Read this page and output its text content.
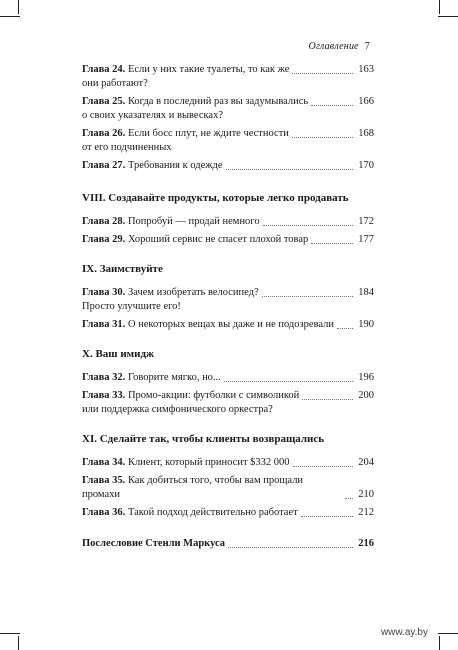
Оглавление 7
Глава 24. Если у них такие туалеты, то как же	163
они работают?
Глава 25. Когда в последний раз вы задумывались	166
о своих указателях и вывесках?
Глава 26. Если босс плут, не ждите честности	168
от его подчиненных
Глава 27. Требования к одежде	170
VIII. Создавайте продукты, которые легко продавать
Глава 28. Попробуй — продай немного	172
Глава 29. Хороший сервис не спасет плохой товар	177
IX. Заимствуйте
Глава 30. Зачем изобретать велосипед?	184
Просто улучшите его!
Глава 31. О некоторых вещах вы даже и не подозревали 190
X. Ваш имидж
Глава 32. Говорите мягко, но...	196
Глава 33. Промо-акции: футболки с символикой	200
или поддержка симфонического оркестра?
XI. Сделайте так, чтобы клиенты возвращались
Глава 34. Клиент, который приносит $332 000	204
Глава 35. Как добиться того, чтобы вам прощали промахи	210
Глава 36. Такой подход действительно работает	212
Послесловие Стенли Маркуса	216
www.ay.by
